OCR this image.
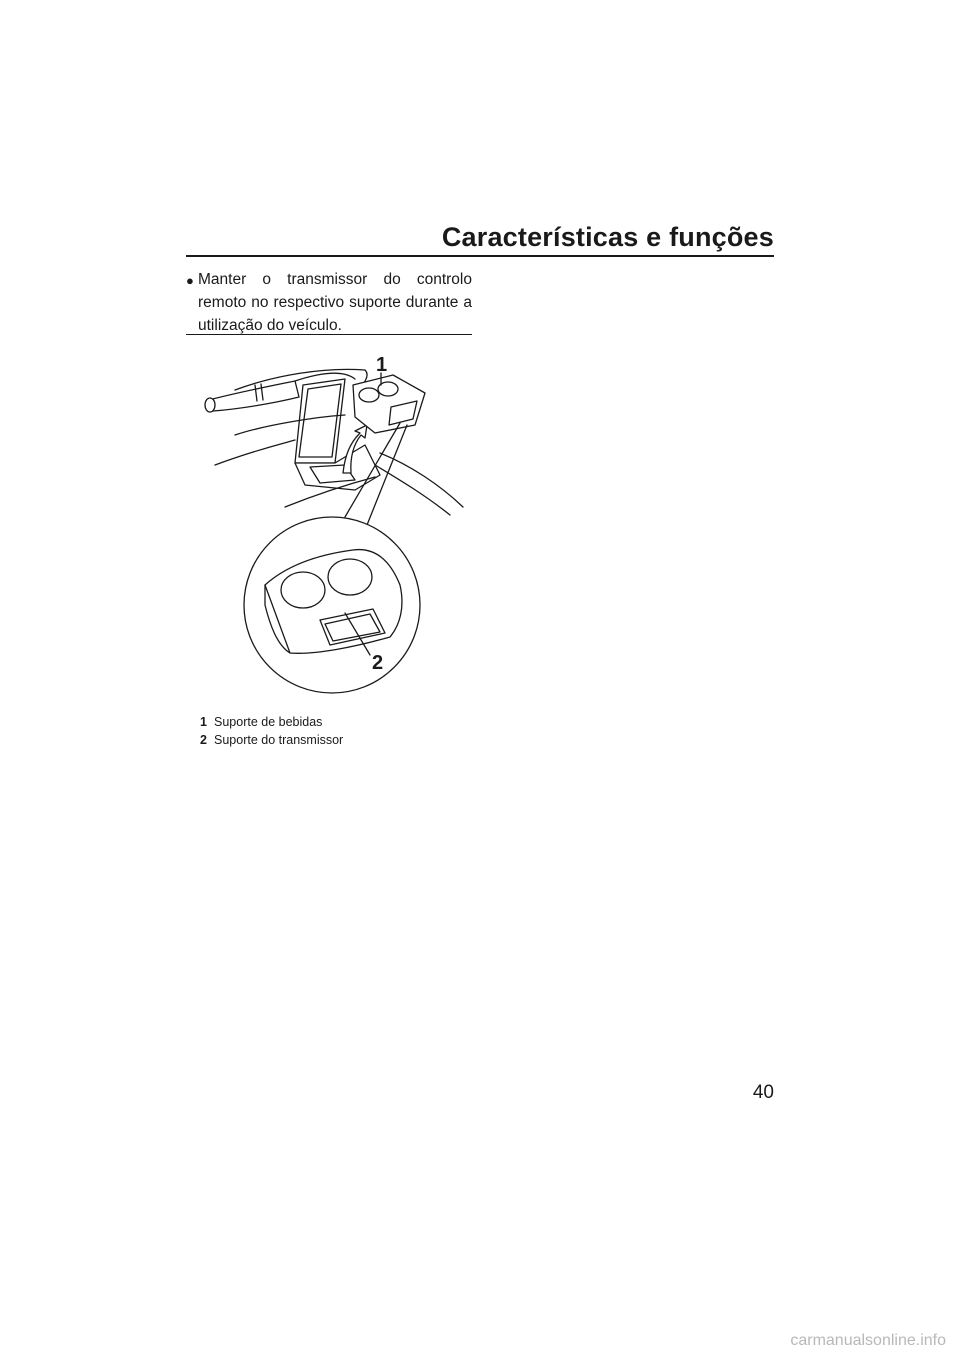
Características e funções
● Manter o transmissor do controlo remoto no respectivo suporte durante a utilização do veículo.
1
2
1 Suporte de bebidas
2 Suporte do transmissor
40
carmanualsonline.info
